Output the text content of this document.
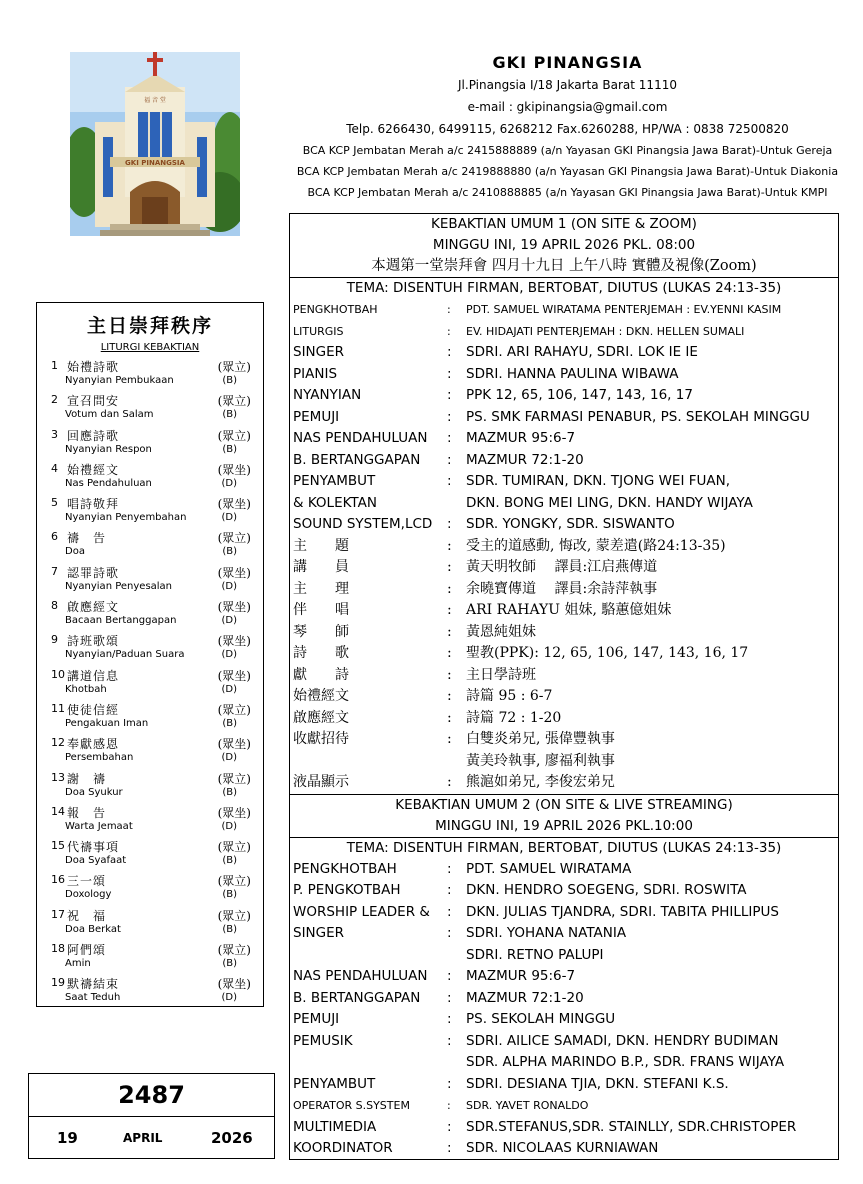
GKI PINANGSIA
福 音 堂
GKI PINANGSIA
Jl.Pinangsia I/18 Jakarta Barat 11110
e-mail : gkipinangsia@gmail.com
Telp. 6266430, 6499115, 6268212 Fax.6260288, HP/WA : 0838 72500820
BCA KCP Jembatan Merah a/c 2415888889 (a/n Yayasan GKI Pinangsia Jawa Barat)-Untuk Gereja
BCA KCP Jembatan Merah a/c 2419888880 (a/n Yayasan GKI Pinangsia Jawa Barat)-Untuk Diakonia
BCA KCP Jembatan Merah a/c 2410888885 (a/n Yayasan GKI Pinangsia Jawa Barat)-Untuk KMPI
主日崇拜秩序
LITURGI KEBAKTIAN
1 始禮詩歌	(眾立)
Nyanyian Pembukaan	(B)
2 宣召問安	(眾立)
Votum dan Salam	(B)
3 回應詩歌	(眾立)
Nyanyian Respon	(B)
4 始禮經文	(眾坐)
Nas Pendahuluan	(D)
5 唱詩敬拜	(眾坐)
Nyanyian Penyembahan	(D)
6 禱　告	(眾立)
Doa	(B)
7 認罪詩歌	(眾坐)
Nyanyian Penyesalan	(D)
8 啟應經文	(眾坐)
Bacaan Bertanggapan	(D)
9 詩班歌頌	(眾坐)
Nyanyian/Paduan Suara	(D)
10 講道信息	(眾坐)
Khotbah	(D)
11 使徒信經	(眾立)
Pengakuan Iman	(B)
12 奉獻感恩	(眾坐)
Persembahan	(D)
13 謝　禱	(眾立)
Doa Syukur	(B)
14 報　告	(眾坐)
Warta Jemaat	(D)
15 代禱事項	(眾立)
Doa Syafaat	(B)
16 三一頌	(眾立)
Doxology	(B)
17 祝　福	(眾立)
Doa Berkat	(B)
18 阿們頌	(眾立)
Amin	(B)
19 默禱結束	(眾坐)
Saat Teduh	(D)
2487
19	APRIL	2026
KEBAKTIAN UMUM 1 (ON SITE & ZOOM)
MINGGU INI, 19 APRIL 2026 PKL. 08:00
本週第一堂崇拜會 四月十九日 上午八時 實體及視像(Zoom)
TEMA: DISENTUH FIRMAN, BERTOBAT, DIUTUS (LUKAS 24:13-35)
PENGKHOTBAH	: PDT. SAMUEL WIRATAMA PENTERJEMAH : EV.YENNI KASIM
LITURGIS	: EV. HIDAJATI PENTERJEMAH : DKN. HELLEN SUMALI
SINGER	: SDRI. ARI RAHAYU, SDRI. LOK IE IE
PIANIS	: SDRI. HANNA PAULINA WIBAWA
NYANYIAN	: PPK 12, 65, 106, 147, 143, 16, 17
PEMUJI	: PS. SMK FARMASI PENABUR, PS. SEKOLAH MINGGU
NAS PENDAHULUAN : MAZMUR 95:6-7
B. BERTANGGAPAN : MAZMUR 72:1-20
PENYAMBUT	: SDR. TUMIRAN, DKN. TJONG WEI FUAN,
& KOLEKTAN	DKN. BONG MEI LING, DKN. HANDY WIJAYA
SOUND SYSTEM,LCD : SDR. YONGKY, SDR. SISWANTO
主　　題	: 受主的道感動, 悔改, 蒙差遣(路24:13-35)
講　　員	: 黃天明牧師　 譯員:江启燕傳道
主　　理	: 余曉寶傳道　 譯員:余詩萍執事
伴　　唱	: ARI RAHAYU 姐妹, 駱蕙億姐妹
琴　　師	: 黃恩純姐妹
詩　　歌	: 聖教(PPK): 12, 65, 106, 147, 143, 16, 17
獻　　詩	: 主日學詩班
始禮經文	: 詩篇 95 : 6-7
啟應經文	: 詩篇 72 : 1-20
收獻招待	: 白雙炎弟兄, 張偉豐執事
黃美玲執事, 廖福利執事
液晶顯示	: 熊滬如弟兄, 李俊宏弟兄
KEBAKTIAN UMUM 2 (ON SITE & LIVE STREAMING)
MINGGU INI, 19 APRIL 2026 PKL.10:00
TEMA: DISENTUH FIRMAN, BERTOBAT, DIUTUS (LUKAS 24:13-35)
PENGKHOTBAH	: PDT. SAMUEL WIRATAMA
P. PENGKOTBAH	: DKN. HENDRO SOEGENG, SDRI. ROSWITA
WORSHIP LEADER & : DKN. JULIAS TJANDRA, SDRI. TABITA PHILLIPUS
SINGER	: SDRI. YOHANA NATANIA
SDRI. RETNO PALUPI
NAS PENDAHULUAN : MAZMUR 95:6-7
B. BERTANGGAPAN : MAZMUR 72:1-20
PEMUJI	: PS. SEKOLAH MINGGU
PEMUSIK	: SDRI. AILICE SAMADI, DKN. HENDRY BUDIMAN
SDR. ALPHA MARINDO B.P., SDR. FRANS WIJAYA
PENYAMBUT	: SDRI. DESIANA TJIA, DKN. STEFANI K.S.
OPERATOR S.SYSTEM	: SDR. YAVET RONALDO
MULTIMEDIA	: SDR.STEFANUS,SDR. STAINLLY, SDR.CHRISTOPER
KOORDINATOR	: SDR. NICOLAAS KURNIAWAN
